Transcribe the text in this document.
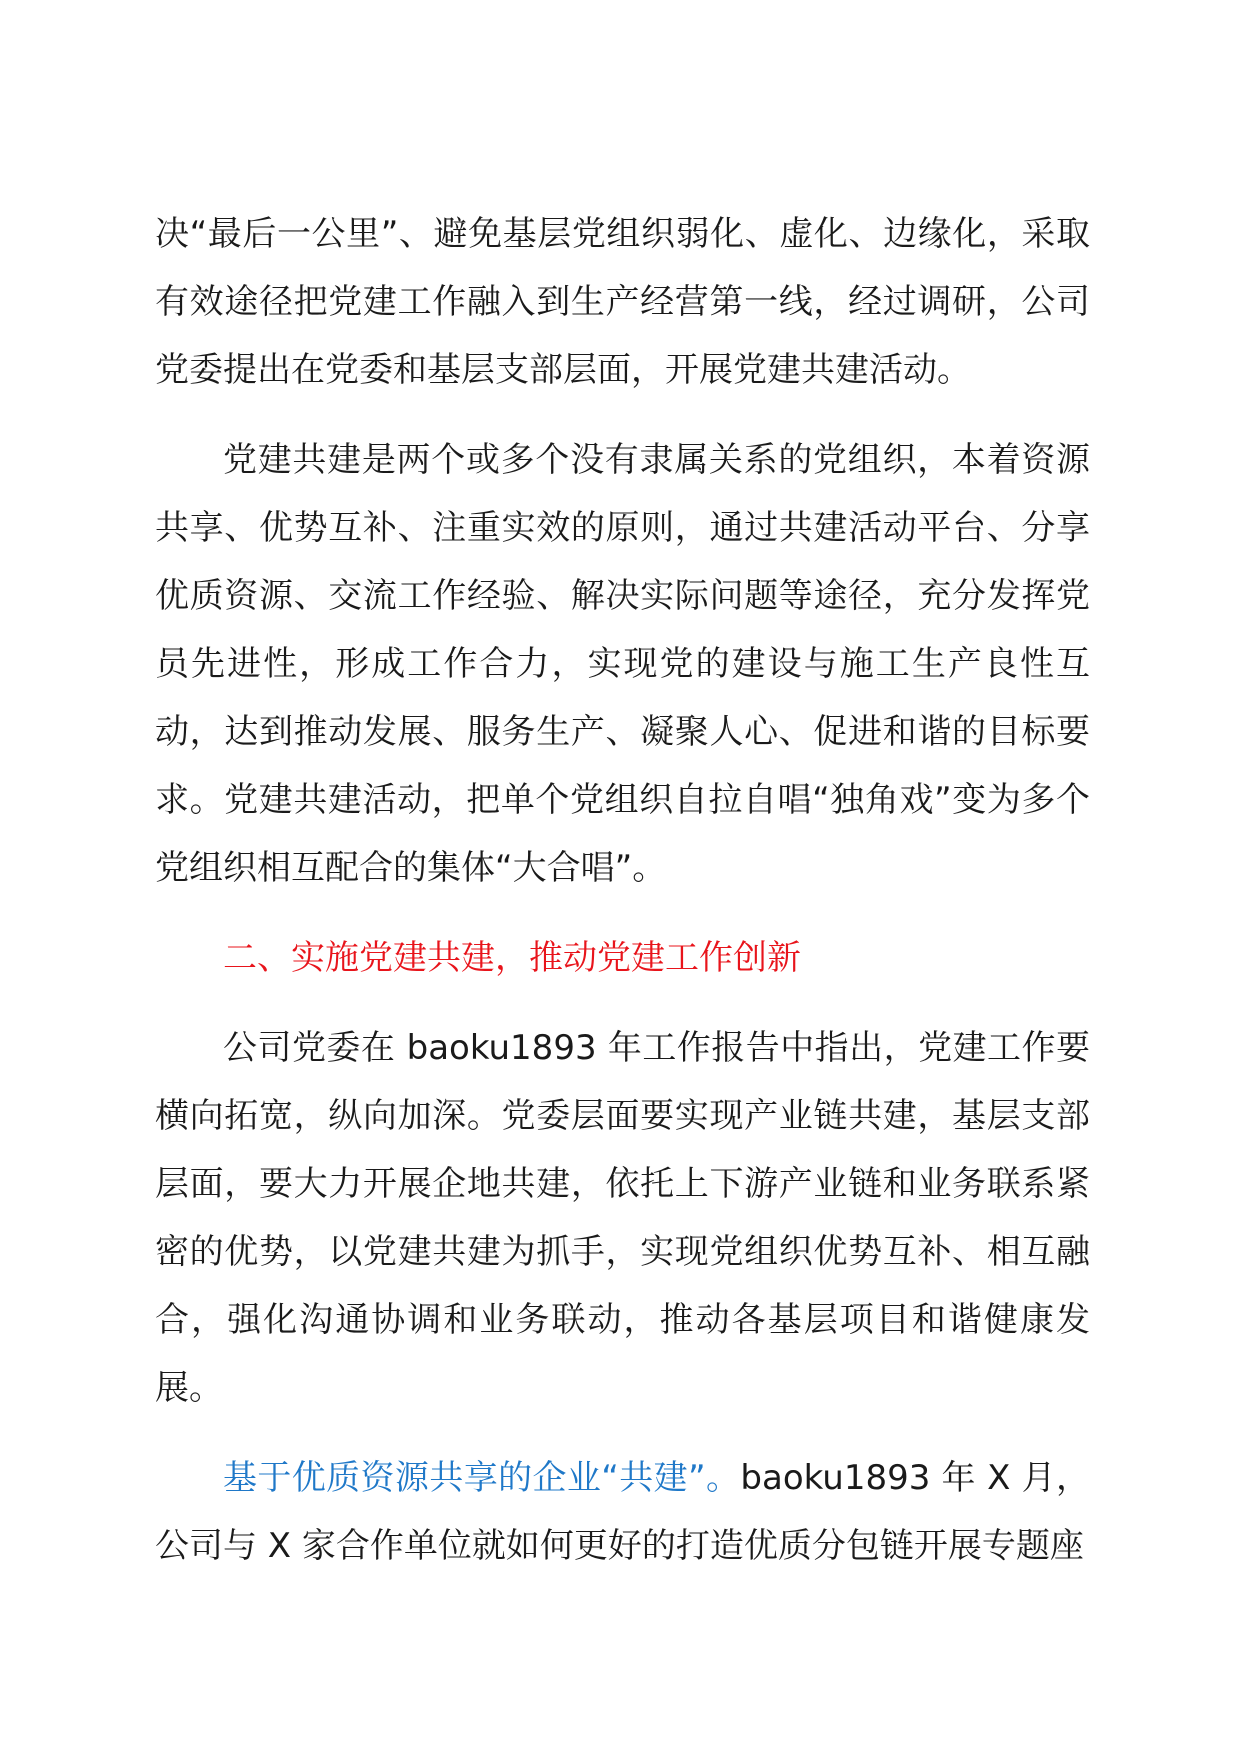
决“最后一公里”、避免基层党组织弱化、虚化、边缘化，采取有效途径把党建工作融入到生产经营第一线，经过调研，公司党委提出在党委和基层支部层面，开展党建共建活动。

党建共建是两个或多个没有隶属关系的党组织，本着资源共享、优势互补、注重实效的原则，通过共建活动平台、分享优质资源、交流工作经验、解决实际问题等途径，充分发挥党员先进性，形成工作合力，实现党的建设与施工生产良性互动，达到推动发展、服务生产、凝聚人心、促进和谐的目标要求。党建共建活动，把单个党组织自拉自唱“独角戏”变为多个党组织相互配合的集体“大合唱”。

二、实施党建共建，推动党建工作创新

公司党委在 baoku1893 年工作报告中指出，党建工作要横向拓宽，纵向加深。党委层面要实现产业链共建，基层支部层面，要大力开展企地共建，依托上下游产业链和业务联系紧密的优势，以党建共建为抓手，实现党组织优势互补、相互融合，强化沟通协调和业务联动，推动各基层项目和谐健康发展。

基于优质资源共享的企业“共建”。baoku1893 年 X 月，公司与 X 家合作单位就如何更好的打造优质分包链开展专题座
